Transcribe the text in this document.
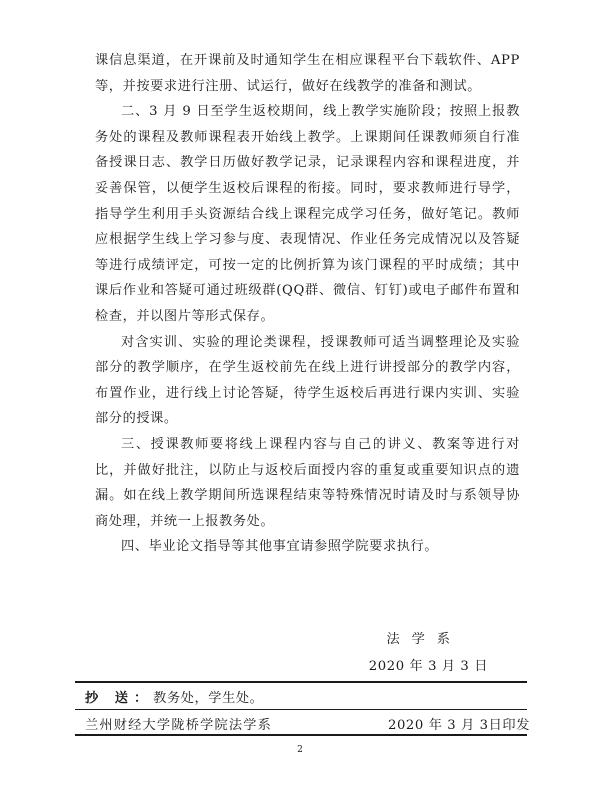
课信息渠道，在开课前及时通知学生在相应课程平台下载软件、APP等，并按要求进行注册、试运行，做好在线教学的准备和测试。

二、3 月 9 日至学生返校期间，线上教学实施阶段；按照上报教务处的课程及教师课程表开始线上教学。上课期间任课教师须自行准备授课日志、教学日历做好教学记录，记录课程内容和课程进度，并妥善保管，以便学生返校后课程的衔接。同时，要求教师进行导学，指导学生利用手头资源结合线上课程完成学习任务，做好笔记。教师应根据学生线上学习参与度、表现情况、作业任务完成情况以及答疑等进行成绩评定，可按一定的比例折算为该门课程的平时成绩；其中课后作业和答疑可通过班级群(QQ群、微信、钉钉)或电子邮件布置和检查，并以图片等形式保存。

对含实训、实验的理论类课程，授课教师可适当调整理论及实验部分的教学顺序，在学生返校前先在线上进行讲授部分的教学内容，布置作业，进行线上讨论答疑，待学生返校后再进行课内实训、实验部分的授课。

三、授课教师要将线上课程内容与自己的讲义、教案等进行对比，并做好批注，以防止与返校后面授内容的重复或重要知识点的遗漏。如在线上教学期间所选课程结束等特殊情况时请及时与系领导协商处理，并统一上报教务处。

四、毕业论文指导等其他事宜请参照学院要求执行。

法学系
2020 年 3 月 3 日
抄 送：教务处，学生处。
兰州财经大学陇桥学院法学系	2020 年 3 月 3日印发
2
